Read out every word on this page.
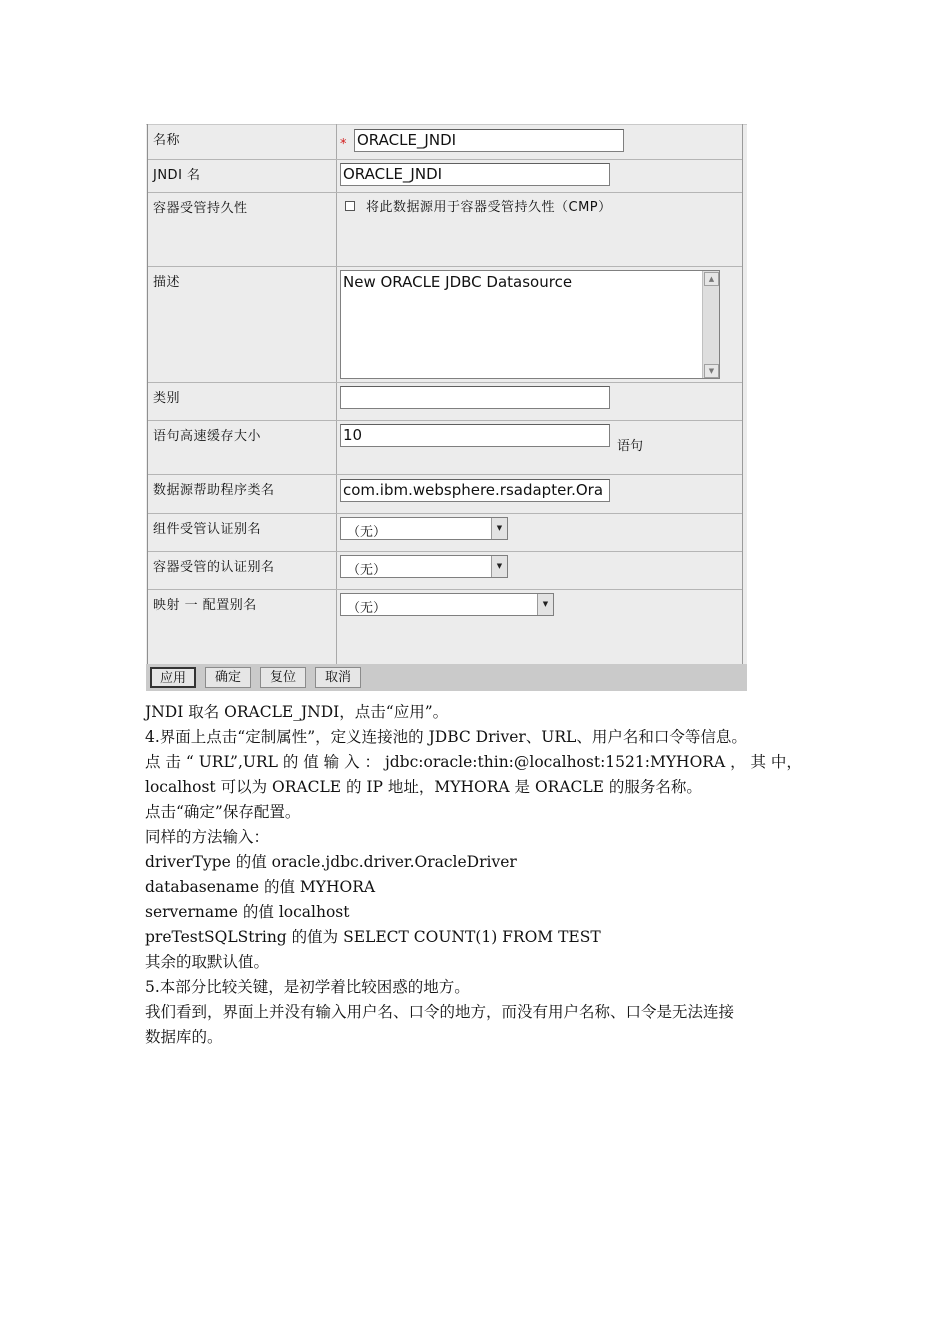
名称	* ORACLE_JNDI
JNDI 名	ORACLE_JNDI
容器受管持久性	将此数据源用于容器受管持久性（CMP）
描述	New ORACLE JDBC Datasource	▲
▼
类别
语句高速缓存大小	10
语句
数据源帮助程序类名	com.ibm.websphere.rsadapter.Ora
组件受管认证别名	（无）	▼
容器受管的认证别名	（无）	▼
映射 一 配置别名	（无）	▼
应用	确定	复位	取消
JNDI 取名 ORACLE_JNDI，点击“应用”。
4.界面上点击“定制属性”，定义连接池的 JDBC Driver、URL、用户名和口令等信息。
点 击 “ URL”,URL 的 值 输 入 ： jdbc:oracle:thin:@localhost:1521:MYHORA ， 其 中，
localhost 可以为 ORACLE 的 IP 地址，MYHORA 是 ORACLE 的服务名称。
点击“确定”保存配置。
同样的方法输入：
driverType 的值 oracle.jdbc.driver.OracleDriver
databasename 的值 MYHORA
servername 的值 localhost
preTestSQLString 的值为 SELECT COUNT(1) FROM TEST
其余的取默认值。
5.本部分比较关键，是初学着比较困惑的地方。
我们看到，界面上并没有输入用户名、口令的地方，而没有用户名称、口令是无法连接
数据库的。
